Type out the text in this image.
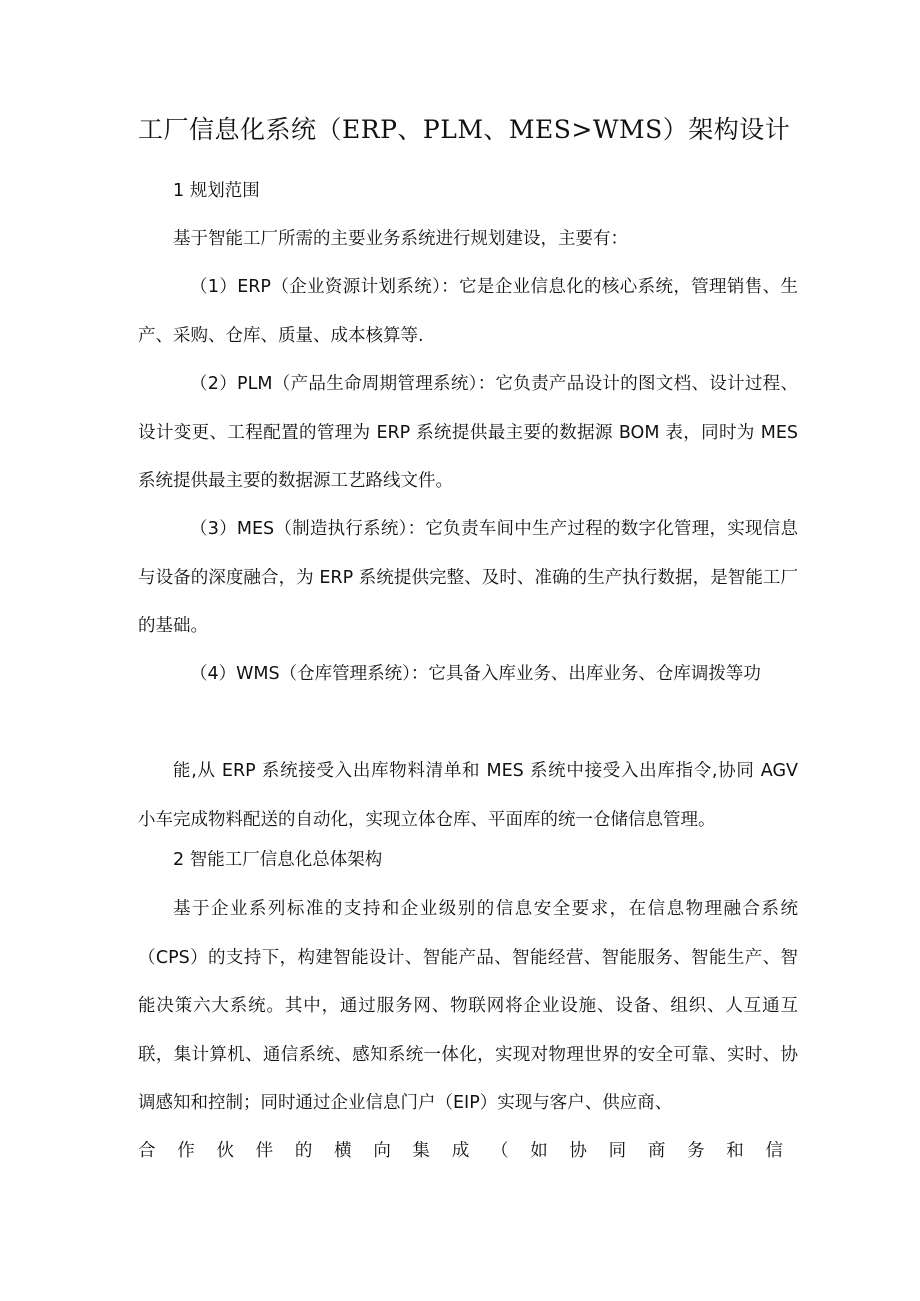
工厂信息化系统（ERP、PLM、MES>WMS）架构设计

1 规划范围

基于智能工厂所需的主要业务系统进行规划建设，主要有：

（1）ERP（企业资源计划系统）：它是企业信息化的核心系统，管理销售、生产、采购、仓库、质量、成本核算等.

（2）PLM（产品生命周期管理系统）：它负责产品设计的图文档、设计过程、设计变更、工程配置的管理为 ERP 系统提供最主要的数据源 BOM 表，同时为 MES 系统提供最主要的数据源工艺路线文件。

（3）MES（制造执行系统）：它负责车间中生产过程的数字化管理，实现信息与设备的深度融合，为 ERP 系统提供完整、及时、准确的生产执行数据，是智能工厂的基础。

（4）WMS（仓库管理系统）：它具备入库业务、出库业务、仓库调拨等功

能,从 ERP 系统接受入出库物料清单和 MES 系统中接受入出库指令,协同 AGV 小车完成物料配送的自动化，实现立体仓库、平面库的统一仓储信息管理。

2 智能工厂信息化总体架构

基于企业系列标准的支持和企业级别的信息安全要求，在信息物理融合系统（CPS）的支持下，构建智能设计、智能产品、智能经营、智能服务、智能生产、智能决策六大系统。其中，通过服务网、物联网将企业设施、设备、组织、人互通互联，集计算机、通信系统、感知系统一体化，实现对物理世界的安全可靠、实时、协调感知和控制；同时通过企业信息门户（EIP）实现与客户、供应商、

合 作 伙 伴 的 横 向 集 成 （ 如 协 同 商 务 和 信
